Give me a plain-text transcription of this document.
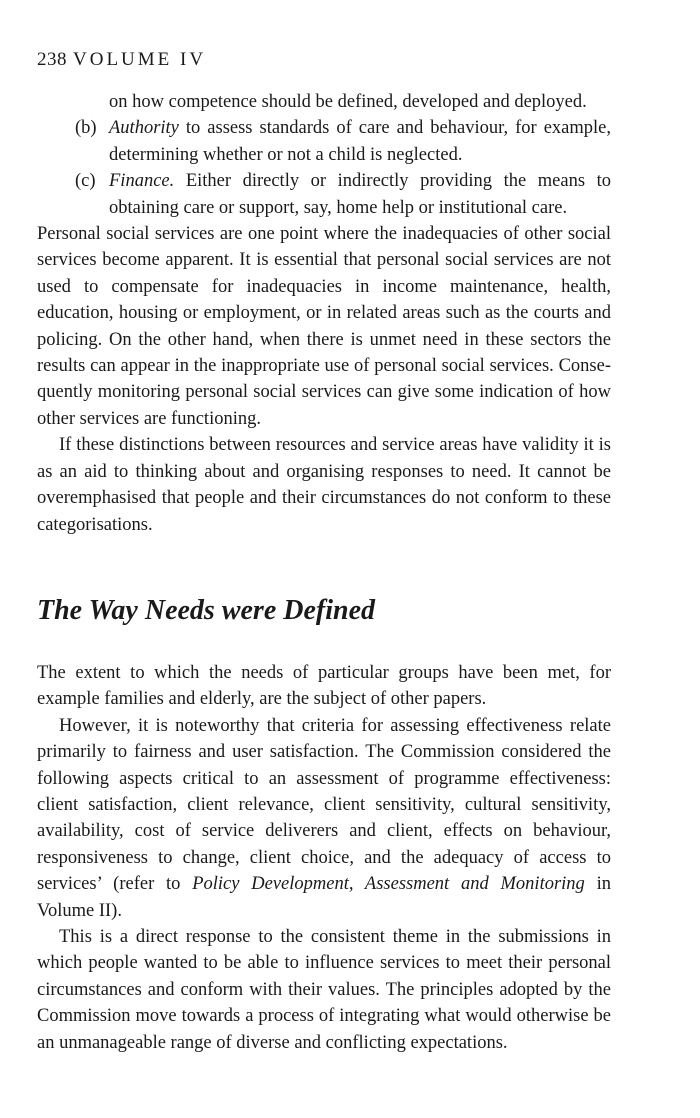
238 VOLUME IV

on how competence should be defined, developed and deployed.

(b) Authority to assess standards of care and behaviour, for example, determining whether or not a child is neglected.

(c) Finance. Either directly or indirectly providing the means to obtaining care or support, say, home help or institutional care.

Personal social services are one point where the inadequacies of other social services become apparent. It is essential that personal social services are not used to compensate for inadequacies in income maintenance, health, education, housing or employment, or in related areas such as the courts and policing. On the other hand, when there is unmet need in these sectors the results can appear in the inappropriate use of personal social services. Consequently monitoring personal social services can give some indication of how other services are functioning.

If these distinctions between resources and service areas have validity it is as an aid to thinking about and organising responses to need. It cannot be overemphasised that people and their circumstances do not conform to these categorisations.

The Way Needs were Defined

The extent to which the needs of particular groups have been met, for example families and elderly, are the subject of other papers.

However, it is noteworthy that criteria for assessing effectiveness relate primarily to fairness and user satisfaction. The Commission considered the following aspects critical to an assessment of programme effectiveness: client satisfaction, client relevance, client sensitivity, cultural sensitivity, availability, cost of service deliverers and client, effects on behaviour, responsiveness to change, client choice, and the adequacy of access to services’ (refer to Policy Development, Assessment and Monitoring in Volume II).

This is a direct response to the consistent theme in the submissions in which people wanted to be able to influence services to meet their personal circumstances and conform with their values. The principles adopted by the Commission move towards a process of integrating what would otherwise be an unmanageable range of diverse and conflicting expectations.
